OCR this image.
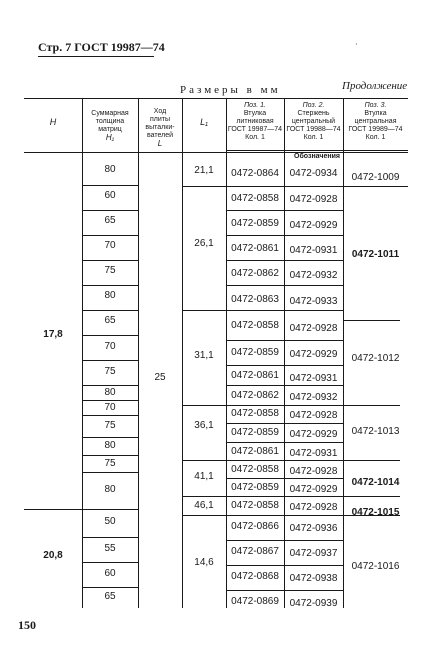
Стр. 7 ГОСТ 19987—74	·
Размеры в мм	Продолжение
Н
Суммарная
толщина
матриц
H₁
Ход
плиты
выталки-
вателей
L
L₁
Поз. 1.
Втулка
литниковая
ГОСТ 19987—74
Кол. 1
Поз. 2.
Стержень
центральный
ГОСТ 19988—74
Кол. 1
Поз. 3.
Втулка
центральная
ГОСТ 19989—74
Кол. 1
Обозначения
17,8
20,8
25
80
60
65
70
75
80
65
70
75
80
70
75
80
75
80
50
55
60
65
21,1
26,1
31,1
36,1
41,1
46,1
14,6
0472-0864
0472-0858
0472-0859
0472-0861
0472-0862
0472-0863
0472-0858
0472-0859
0472-0861
0472-0862
0472-0858
0472-0859
0472-0861
0472-0858
0472-0859
0472-0858
0472-0866
0472-0867
0472-0868
0472-0869
0472-0934
0472-0928
0472-0929
0472-0931
0472-0932
0472-0933
0472-0928
0472-0929
0472-0931
0472-0932
0472-0928
0472-0929
0472-0931
0472-0928
0472-0929
0472-0928
0472-0936
0472-0937
0472-0938
0472-0939
0472-1009
0472-1011
0472-1012
0472-1013
0472-1014
0472-1015
0472-1016
150
